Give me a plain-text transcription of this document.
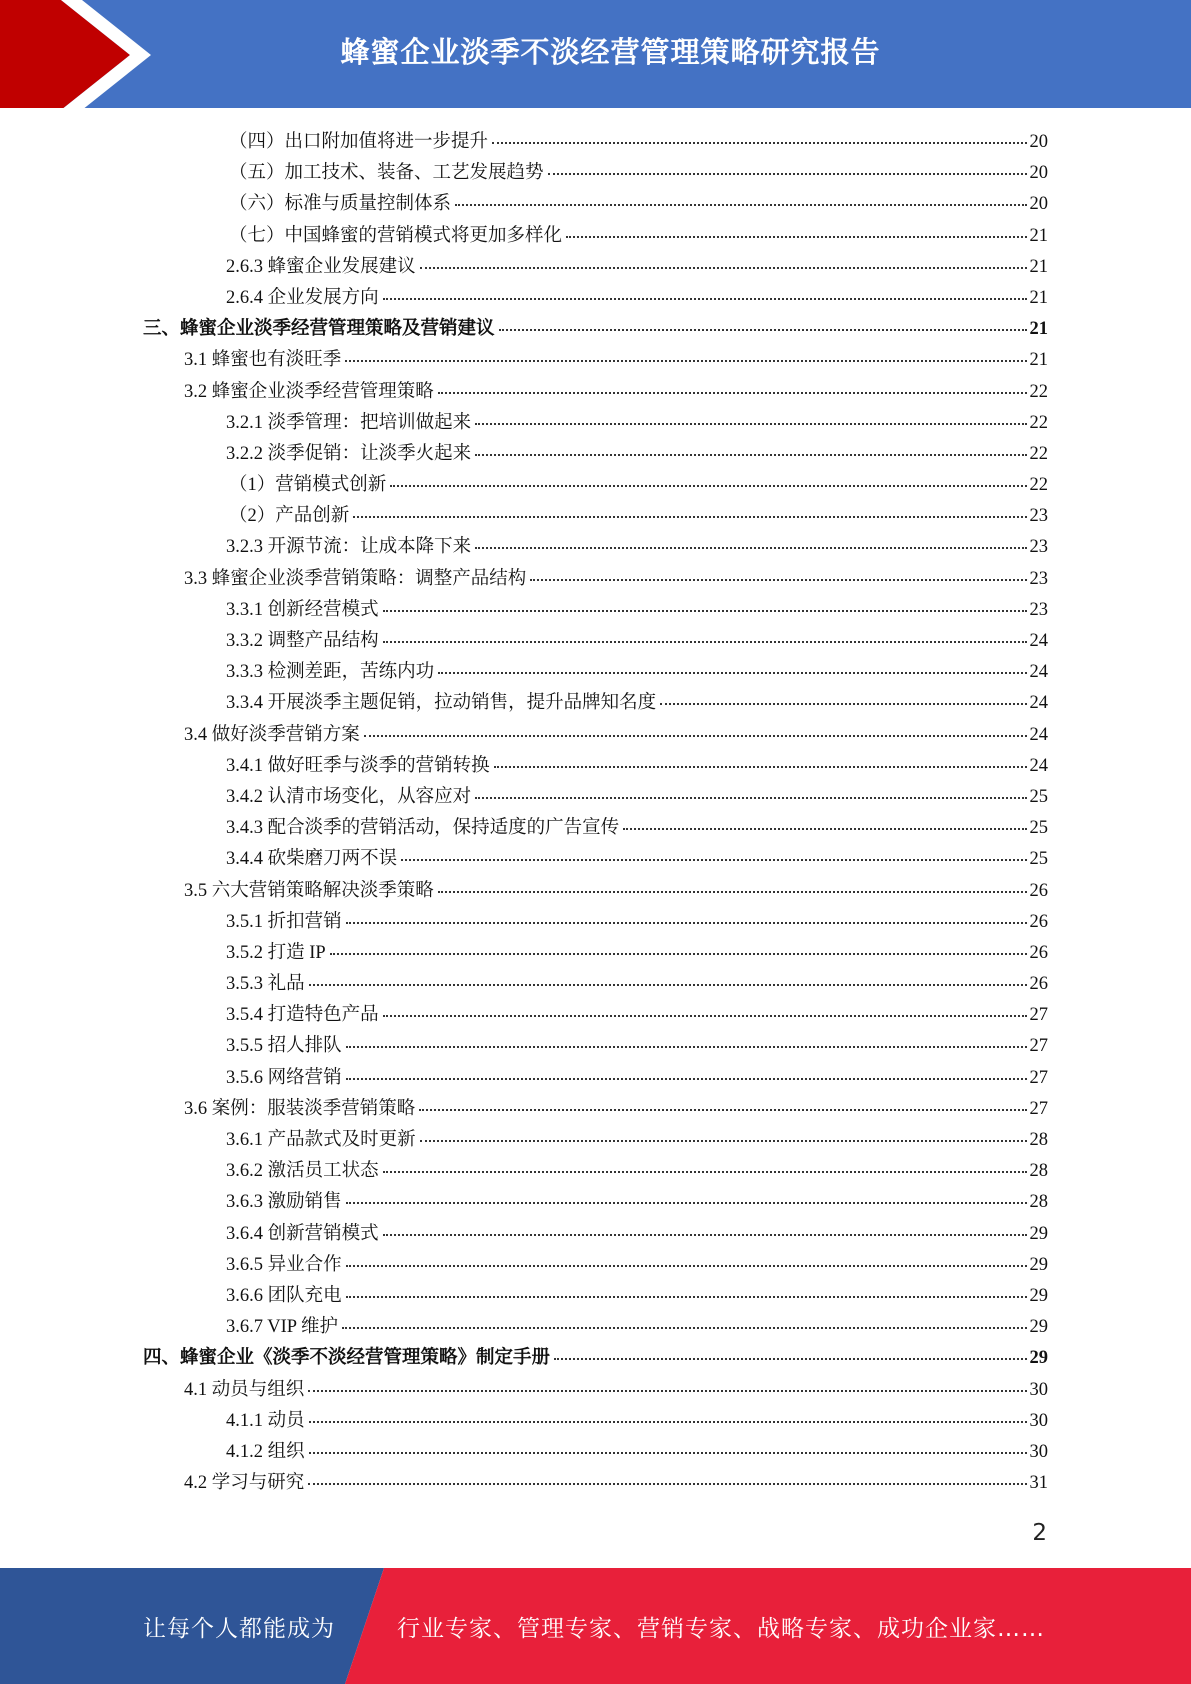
蜂蜜企业淡季不淡经营管理策略研究报告
（四）出口附加值将进一步提升	20
（五）加工技术、装备、工艺发展趋势	20
（六）标准与质量控制体系	20
（七）中国蜂蜜的营销模式将更加多样化	21
2.6.3 蜂蜜企业发展建议	21
2.6.4 企业发展方向	21
三、蜂蜜企业淡季经营管理策略及营销建议	21
3.1 蜂蜜也有淡旺季	21
3.2 蜂蜜企业淡季经营管理策略	22
3.2.1 淡季管理：把培训做起来	22
3.2.2 淡季促销：让淡季火起来	22
（1）营销模式创新	22
（2）产品创新	23
3.2.3 开源节流：让成本降下来	23
3.3 蜂蜜企业淡季营销策略：调整产品结构	23
3.3.1 创新经营模式	23
3.3.2 调整产品结构	24
3.3.3 检测差距，苦练内功	24
3.3.4 开展淡季主题促销，拉动销售，提升品牌知名度	24
3.4 做好淡季营销方案	24
3.4.1 做好旺季与淡季的营销转换	24
3.4.2 认清市场变化，从容应对	25
3.4.3 配合淡季的营销活动，保持适度的广告宣传	25
3.4.4 砍柴磨刀两不误	25
3.5 六大营销策略解决淡季策略	26
3.5.1 折扣营销	26
3.5.2 打造 IP	26
3.5.3 礼品	26
3.5.4 打造特色产品	27
3.5.5 招人排队	27
3.5.6 网络营销	27
3.6 案例：服装淡季营销策略	27
3.6.1 产品款式及时更新	28
3.6.2 激活员工状态	28
3.6.3 激励销售	28
3.6.4 创新营销模式	29
3.6.5 异业合作	29
3.6.6 团队充电	29
3.6.7 VIP 维护	29
四、蜂蜜企业《淡季不淡经营管理策略》制定手册	29
4.1 动员与组织	30
4.1.1 动员	30
4.1.2 组织	30
4.2 学习与研究	31
2
让每个人都能成为	行业专家、管理专家、营销专家、战略专家、成功企业家……
